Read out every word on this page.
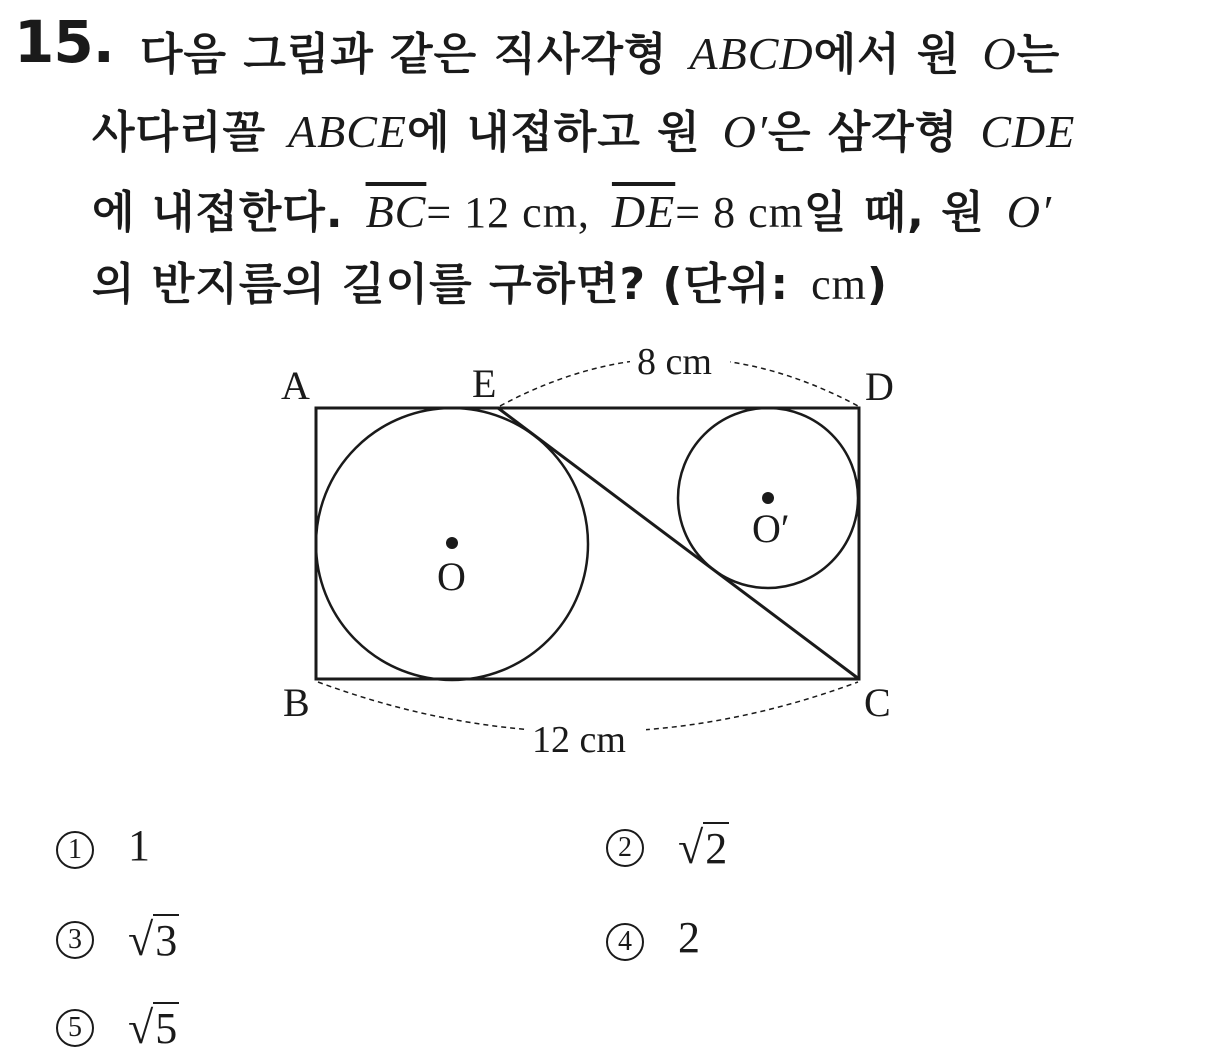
15. 다음 그림과 같은 직사각형 ABCD에서 원 O는
사다리꼴 ABCE에 내접하고 원 O′은 삼각형 CDE
에 내접한다. $\overline{BC}= 12$ cm, $\overline{DE}= 8$ cm일 때, 원 O′
의 반지름의 길이를 구하면? (단위: cm)
A	E	D
B	C
O
O′
8 cm
12 cm
1 1	2 √2
3 √3	4 2
5 √5
